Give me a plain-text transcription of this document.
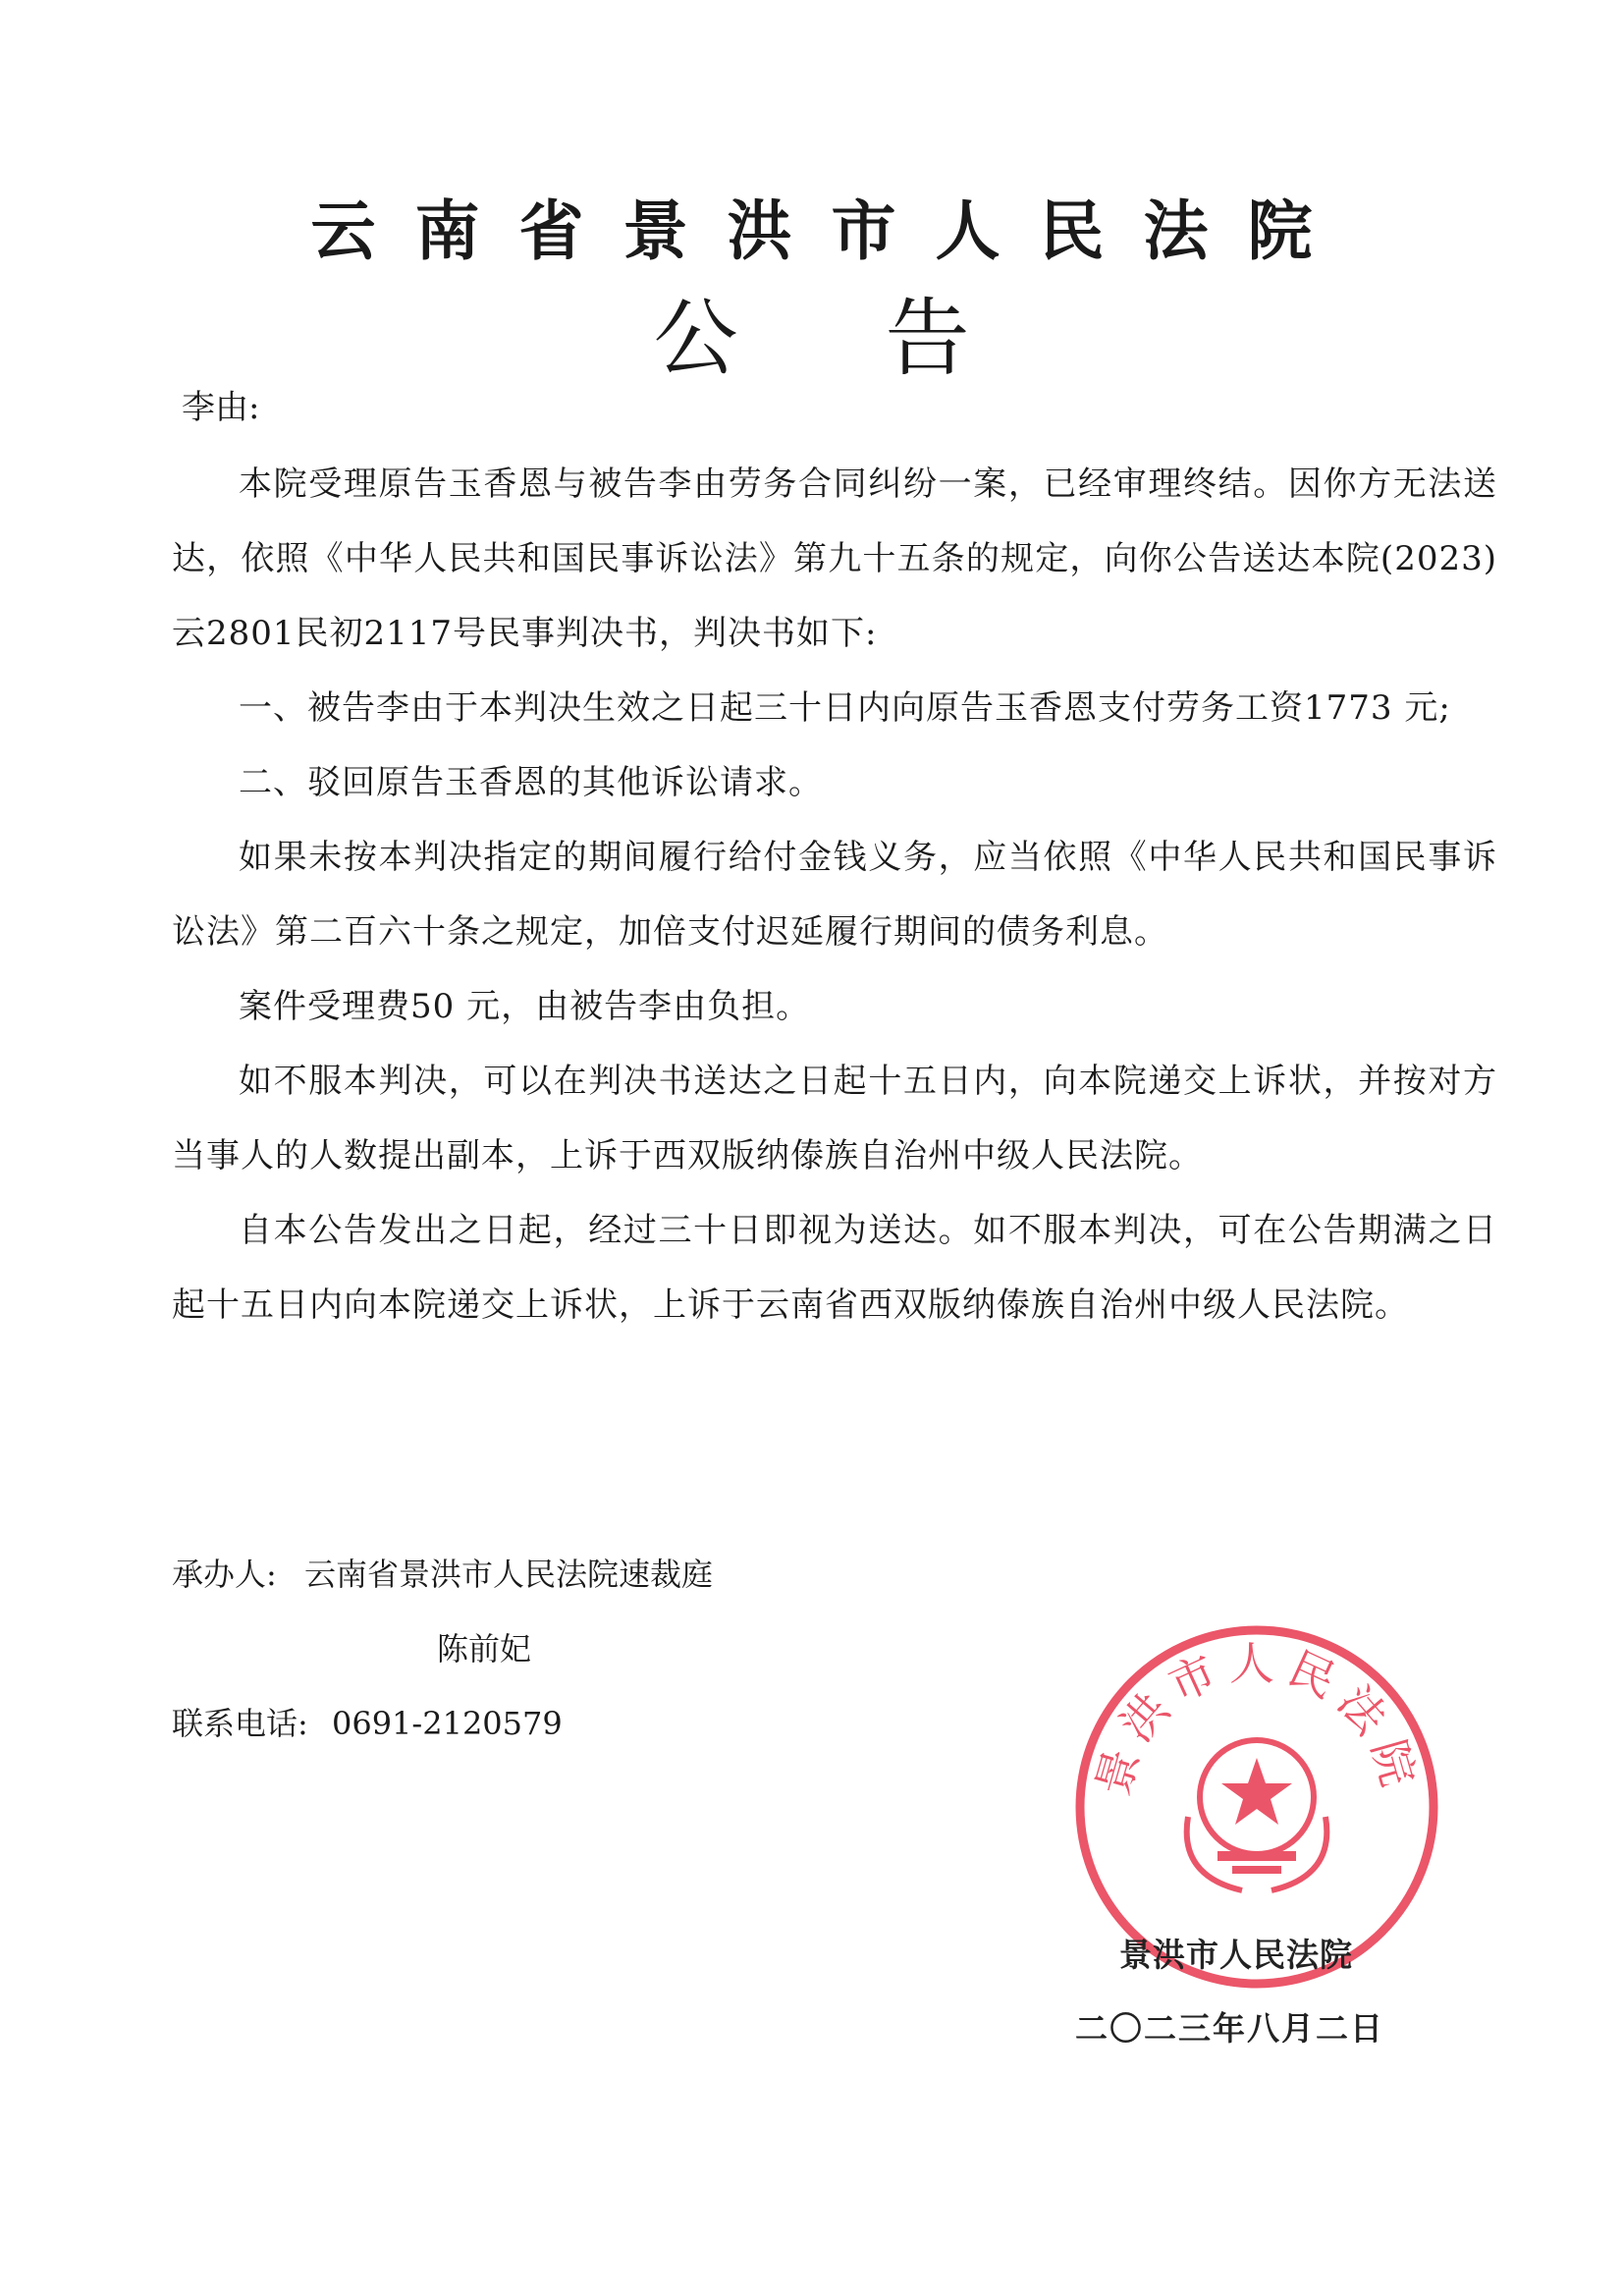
云南省景洪市人民法院
公告
李由:

本院受理原告玉香恩与被告李由劳务合同纠纷一案，已经审理终结。因你方无法送达，依照《中华人民共和国民事诉讼法》第九十五条的规定，向你公告送达本院(2023)云2801民初2117号民事判决书，判决书如下:

一、被告李由于本判决生效之日起三十日内向原告玉香恩支付劳务工资1773 元;

二、驳回原告玉香恩的其他诉讼请求。

如果未按本判决指定的期间履行给付金钱义务，应当依照《中华人民共和国民事诉讼法》第二百六十条之规定，加倍支付迟延履行期间的债务利息。

案件受理费50 元，由被告李由负担。

如不服本判决，可以在判决书送达之日起十五日内，向本院递交上诉状，并按对方当事人的人数提出副本，上诉于西双版纳傣族自治州中级人民法院。

自本公告发出之日起，经过三十日即视为送达。如不服本判决，可在公告期满之日起十五日内向本院递交上诉状，上诉于云南省西双版纳傣族自治州中级人民法院。

承办人: 云南省景洪市人民法院速裁庭
陈前妃
联系电话: 0691-2120579
景洪市人民法院
景洪市人民法院
二〇二三年八月二日
